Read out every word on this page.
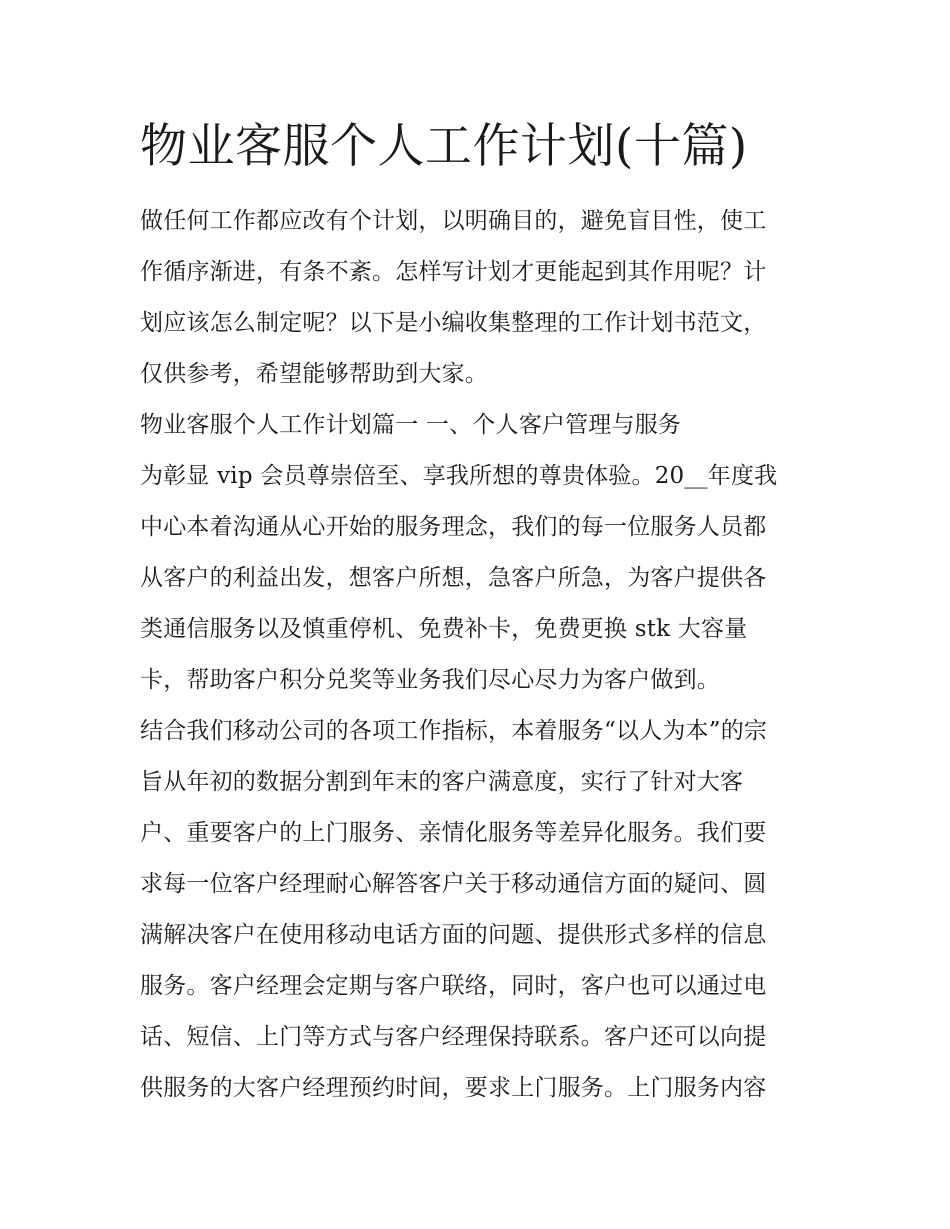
物业客服个人工作计划(十篇)
做任何工作都应改有个计划，以明确目的，避免盲目性，使工
作循序渐进，有条不紊。怎样写计划才更能起到其作用呢？计
划应该怎么制定呢？以下是小编收集整理的工作计划书范文，
仅供参考，希望能够帮助到大家。
物业客服个人工作计划篇一 一、个人客户管理与服务
为彰显 vip 会员尊崇倍至、享我所想的尊贵体验。20__年度我
中心本着沟通从心开始的服务理念，我们的每一位服务人员都
从客户的利益出发，想客户所想，急客户所急，为客户提供各
类通信服务以及慎重停机、免费补卡，免费更换 stk 大容量
卡，帮助客户积分兑奖等业务我们尽心尽力为客户做到。
结合我们移动公司的各项工作指标，本着服务“以人为本”的宗
旨从年初的数据分割到年末的客户满意度，实行了针对大客
户、重要客户的上门服务、亲情化服务等差异化服务。我们要
求每一位客户经理耐心解答客户关于移动通信方面的疑问、圆
满解决客户在使用移动电话方面的问题、提供形式多样的信息
服务。客户经理会定期与客户联络，同时，客户也可以通过电
话、短信、上门等方式与客户经理保持联系。客户还可以向提
供服务的大客户经理预约时间，要求上门服务。上门服务内容
